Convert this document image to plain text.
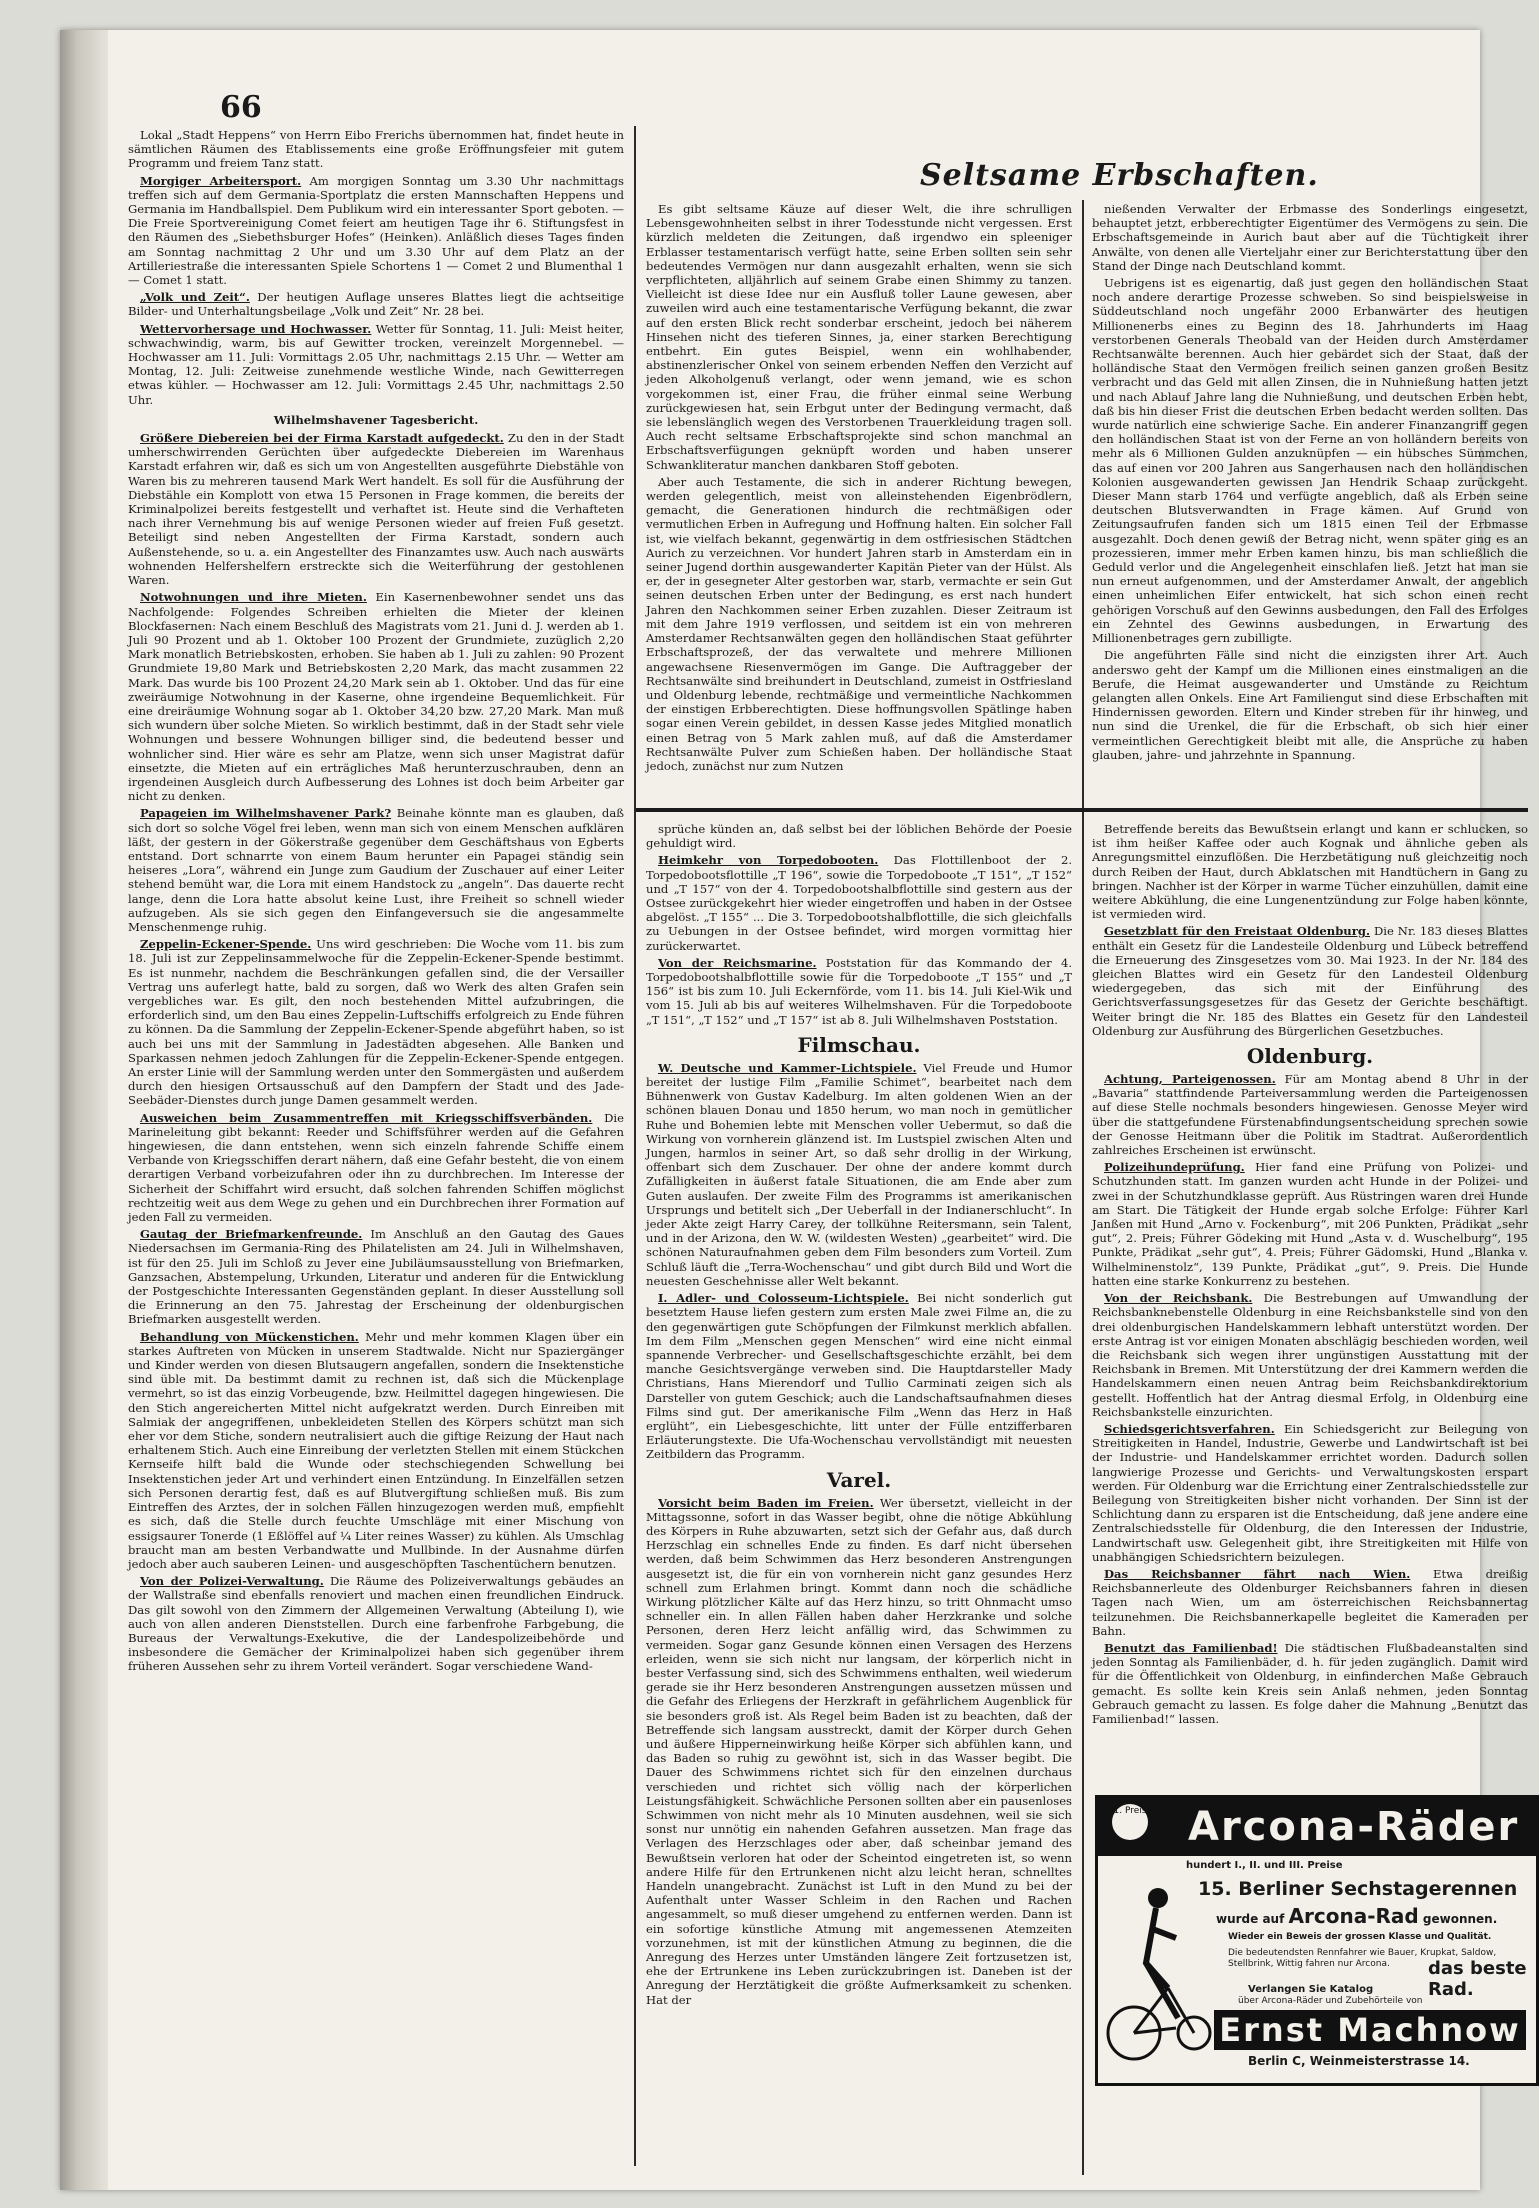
66

Lokal „Stadt Heppens“ von Herrn Eibo Frerichs übernommen hat, findet heute in sämtlichen Räumen des Etablissements eine große Eröffnungsfeier mit gutem Programm und freiem Tanz statt.

Morgiger Arbeitersport. Am morgigen Sonntag um 3.30 Uhr nachmittags treffen sich auf dem Germania-Sportplatz die ersten Mannschaften Heppens und Germania im Handballspiel. Dem Publikum wird ein interessanter Sport geboten. — Die Freie Sportvereinigung Comet feiert am heutigen Tage ihr 6. Stiftungsfest in den Räumen des „Siebethsburger Hofes“ (Heinken). Anläßlich dieses Tages finden am Sonntag nachmittag 2 Uhr und um 3.30 Uhr auf dem Platz an der Artilleriestraße die interessanten Spiele Schortens 1 — Comet 2 und Blumenthal 1 — Comet 1 statt.

„Volk und Zeit“. Der heutigen Auflage unseres Blattes liegt die achtseitige Bilder- und Unterhaltungsbeilage „Volk und Zeit“ Nr. 28 bei.

Wettervorhersage und Hochwasser. Wetter für Sonntag, 11. Juli: Meist heiter, schwachwindig, warm, bis auf Gewitter trocken, vereinzelt Morgennebel. — Hochwasser am 11. Juli: Vormittags 2.05 Uhr, nachmittags 2.15 Uhr. — Wetter am Montag, 12. Juli: Zeitweise zunehmende westliche Winde, nach Gewitterregen etwas kühler. — Hochwasser am 12. Juli: Vormittags 2.45 Uhr, nachmittags 2.50 Uhr.

Wilhelmshavener Tagesbericht.

Größere Diebereien bei der Firma Karstadt aufgedeckt. Zu den in der Stadt umherschwirrenden Gerüchten über aufgedeckte Diebereien im Warenhaus Karstadt erfahren wir, daß es sich um von Angestellten ausgeführte Diebstähle von Waren bis zu mehreren tausend Mark Wert handelt. Es soll für die Ausführung der Diebstähle ein Komplott von etwa 15 Personen in Frage kommen, die bereits der Kriminalpolizei bereits festgestellt und verhaftet ist. Heute sind die Verhafteten nach ihrer Vernehmung bis auf wenige Personen wieder auf freien Fuß gesetzt. Beteiligt sind neben Angestellten der Firma Karstadt, sondern auch Außenstehende, so u. a. ein Angestellter des Finanzamtes usw. Auch nach auswärts wohnenden Helfershelfern erstreckte sich die Weiterführung der gestohlenen Waren.

Notwohnungen und ihre Mieten. Ein Kasernenbewohner sendet uns das Nachfolgende: Folgendes Schreiben erhielten die Mieter der kleinen Blockfasernen: Nach einem Beschluß des Magistrats vom 21. Juni d. J. werden ab 1. Juli 90 Prozent und ab 1. Oktober 100 Prozent der Grundmiete, zuzüglich 2,20 Mark monatlich Betriebskosten, erhoben. Sie haben ab 1. Juli zu zahlen: 90 Prozent Grundmiete 19,80 Mark und Betriebskosten 2,20 Mark, das macht zusammen 22 Mark. Das wurde bis 100 Prozent 24,20 Mark sein ab 1. Oktober. Und das für eine zweiräumige Notwohnung in der Kaserne, ohne irgendeine Bequemlichkeit. Für eine dreiräumige Wohnung sogar ab 1. Oktober 34,20 bzw. 27,20 Mark. Man muß sich wundern über solche Mieten. So wirklich bestimmt, daß in der Stadt sehr viele Wohnungen und bessere Wohnungen billiger sind, die bedeutend besser und wohnlicher sind. Hier wäre es sehr am Platze, wenn sich unser Magistrat dafür einsetzte, die Mieten auf ein erträgliches Maß herunterzuschrauben, denn an irgendeinen Ausgleich durch Aufbesserung des Lohnes ist doch beim Arbeiter gar nicht zu denken.

Papageien im Wilhelmshavener Park? Beinahe könnte man es glauben, daß sich dort so solche Vögel frei leben, wenn man sich von einem Menschen aufklären läßt, der gestern in der Gökerstraße gegenüber dem Geschäftshaus von Egberts entstand. Dort schnarrte von einem Baum herunter ein Papagei ständig sein heiseres „Lora“, während ein Junge zum Gaudium der Zuschauer auf einer Leiter stehend bemüht war, die Lora mit einem Handstock zu „angeln“. Das dauerte recht lange, denn die Lora hatte absolut keine Lust, ihre Freiheit so schnell wieder aufzugeben. Als sie sich gegen den Einfangeversuch sie die angesammelte Menschenmenge ruhig.

Zeppelin-Eckener-Spende. Uns wird geschrieben: Die Woche vom 11. bis zum 18. Juli ist zur Zeppelinsammelwoche für die Zeppelin-Eckener-Spende bestimmt. Es ist nunmehr, nachdem die Beschränkungen gefallen sind, die der Versailler Vertrag uns auferlegt hatte, bald zu sorgen, daß wo Werk des alten Grafen sein vergebliches war. Es gilt, den noch bestehenden Mittel aufzubringen, die erforderlich sind, um den Bau eines Zeppelin-Luftschiffs erfolgreich zu Ende führen zu können. Da die Sammlung der Zeppelin-Eckener-Spende abgeführt haben, so ist auch bei uns mit der Sammlung in Jadestädten abgesehen. Alle Banken und Sparkassen nehmen jedoch Zahlungen für die Zeppelin-Eckener-Spende entgegen. An erster Linie will der Sammlung werden unter den Sommergästen und außerdem durch den hiesigen Ortsausschuß auf den Dampfern der Stadt und des Jade-Seebäder-Dienstes durch junge Damen gesammelt werden.

Ausweichen beim Zusammentreffen mit Kriegsschiffsverbänden. Die Marineleitung gibt bekannt: Reeder und Schiffsführer werden auf die Gefahren hingewiesen, die dann entstehen, wenn sich einzeln fahrende Schiffe einem Verbande von Kriegsschiffen derart nähern, daß eine Gefahr besteht, die von einem derartigen Verband vorbeizufahren oder ihn zu durchbrechen. Im Interesse der Sicherheit der Schiffahrt wird ersucht, daß solchen fahrenden Schiffen möglichst rechtzeitig weit aus dem Wege zu gehen und ein Durchbrechen ihrer Formation auf jeden Fall zu vermeiden.

Gautag der Briefmarkenfreunde. Im Anschluß an den Gautag des Gaues Niedersachsen im Germania-Ring des Philatelisten am 24. Juli in Wilhelmshaven, ist für den 25. Juli im Schloß zu Jever eine Jubiläumsausstellung von Briefmarken, Ganzsachen, Abstempelung, Urkunden, Literatur und anderen für die Entwicklung der Postgeschichte Interessanten Gegenständen geplant. In dieser Ausstellung soll die Erinnerung an den 75. Jahrestag der Erscheinung der oldenburgischen Briefmarken ausgestellt werden.

Behandlung von Mückenstichen. Mehr und mehr kommen Klagen über ein starkes Auftreten von Mücken in unserem Stadtwalde. Nicht nur Spaziergänger und Kinder werden von diesen Blutsaugern angefallen, sondern die Insektenstiche sind üble mit. Da bestimmt damit zu rechnen ist, daß sich die Mückenplage vermehrt, so ist das einzig Vorbeugende, bzw. Heilmittel dagegen hingewiesen. Die den Stich angereicherten Mittel nicht aufgekratzt werden. Durch Einreiben mit Salmiak der angegriffenen, unbekleideten Stellen des Körpers schützt man sich eher vor dem Stiche, sondern neutralisiert auch die giftige Reizung der Haut nach erhaltenem Stich. Auch eine Einreibung der verletzten Stellen mit einem Stückchen Kernseife hilft bald die Wunde oder stechschiegenden Schwellung bei Insektenstichen jeder Art und verhindert einen Entzündung. In Einzelfällen setzen sich Personen derartig fest, daß es auf Blutvergiftung schließen muß. Bis zum Eintreffen des Arztes, der in solchen Fällen hinzugezogen werden muß, empfiehlt es sich, daß die Stelle durch feuchte Umschläge mit einer Mischung von essigsaurer Tonerde (1 Eßlöffel auf ¼ Liter reines Wasser) zu kühlen. Als Umschlag braucht man am besten Verbandwatte und Mullbinde. In der Ausnahme dürfen jedoch aber auch sauberen Leinen- und ausgeschöpften Taschentüchern benutzen.

Von der Polizei-Verwaltung. Die Räume des Polizeiverwaltungs gebäudes an der Wallstraße sind ebenfalls renoviert und machen einen freundlichen Eindruck. Das gilt sowohl von den Zimmern der Allgemeinen Verwaltung (Abteilung I), wie auch von allen anderen Dienststellen. Durch eine farbenfrohe Farbgebung, die Bureaus der Verwaltungs-Exekutive, die der Landespolizeibehörde und insbesondere die Gemächer der Kriminalpolizei haben sich gegenüber ihrem früheren Aussehen sehr zu ihrem Vorteil verändert. Sogar verschiedene Wand-

Seltsame Erbschaften.

Es gibt seltsame Käuze auf dieser Welt, die ihre schrulligen Lebensgewohnheiten selbst in ihrer Todesstunde nicht vergessen. Erst kürzlich meldeten die Zeitungen, daß irgendwo ein spleeniger Erblasser testamentarisch verfügt hatte, seine Erben sollten sein sehr bedeutendes Vermögen nur dann ausgezahlt erhalten, wenn sie sich verpflichteten, alljährlich auf seinem Grabe einen Shimmy zu tanzen. Vielleicht ist diese Idee nur ein Ausfluß toller Laune gewesen, aber zuweilen wird auch eine testamentarische Verfügung bekannt, die zwar auf den ersten Blick recht sonderbar erscheint, jedoch bei näherem Hinsehen nicht des tieferen Sinnes, ja, einer starken Berechtigung entbehrt. Ein gutes Beispiel, wenn ein wohlhabender, abstinenzlerischer Onkel von seinem erbenden Neffen den Verzicht auf jeden Alkoholgenuß verlangt, oder wenn jemand, wie es schon vorgekommen ist, einer Frau, die früher einmal seine Werbung zurückgewiesen hat, sein Erbgut unter der Bedingung vermacht, daß sie lebenslänglich wegen des Verstorbenen Trauerkleidung tragen soll. Auch recht seltsame Erbschaftsprojekte sind schon manchmal an Erbschaftsverfügungen geknüpft worden und haben unserer Schwankliteratur manchen dankbaren Stoff geboten.

Aber auch Testamente, die sich in anderer Richtung bewegen, werden gelegentlich, meist von alleinstehenden Eigenbrödlern, gemacht, die Generationen hindurch die rechtmäßigen oder vermutlichen Erben in Aufregung und Hoffnung halten. Ein solcher Fall ist, wie vielfach bekannt, gegenwärtig in dem ostfriesischen Städtchen Aurich zu verzeichnen. Vor hundert Jahren starb in Amsterdam ein in seiner Jugend dorthin ausgewanderter Kapitän Pieter van der Hülst. Als er, der in gesegneter Alter gestorben war, starb, vermachte er sein Gut seinen deutschen Erben unter der Bedingung, es erst nach hundert Jahren den Nachkommen seiner Erben zuzahlen. Dieser Zeitraum ist mit dem Jahre 1919 verflossen, und seitdem ist ein von mehreren Amsterdamer Rechtsanwälten gegen den holländischen Staat geführter Erbschaftsprozeß, der das verwaltete und mehrere Millionen angewachsene Riesenvermögen im Gange. Die Auftraggeber der Rechtsanwälte sind breihundert in Deutschland, zumeist in Ostfriesland und Oldenburg lebende, rechtmäßige und vermeintliche Nachkommen der einstigen Erbberechtigten. Diese hoffnungsvollen Spätlinge haben sogar einen Verein gebildet, in dessen Kasse jedes Mitglied monatlich einen Betrag von 5 Mark zahlen muß, auf daß die Amsterdamer Rechtsanwälte Pulver zum Schießen haben. Der holländische Staat jedoch, zunächst nur zum Nutzen

nießenden Verwalter der Erbmasse des Sonderlings eingesetzt, behauptet jetzt, erbberechtigter Eigentümer des Vermögens zu sein. Die Erbschaftsgemeinde in Aurich baut aber auf die Tüchtigkeit ihrer Anwälte, von denen alle Vierteljahr einer zur Berichterstattung über den Stand der Dinge nach Deutschland kommt.

Uebrigens ist es eigenartig, daß just gegen den holländischen Staat noch andere derartige Prozesse schweben. So sind beispielsweise in Süddeutschland noch ungefähr 2000 Erbanwärter des heutigen Millionenerbs eines zu Beginn des 18. Jahrhunderts im Haag verstorbenen Generals Theobald van der Heiden durch Amsterdamer Rechtsanwälte berennen. Auch hier gebärdet sich der Staat, daß der holländische Staat den Vermögen freilich seinen ganzen großen Besitz verbracht und das Geld mit allen Zinsen, die in Nuhnießung hatten jetzt und nach Ablauf Jahre lang die Nuhnießung, und deutschen Erben hebt, daß bis hin dieser Frist die deutschen Erben bedacht werden sollten. Das wurde natürlich eine schwierige Sache. Ein anderer Finanzangriff gegen den holländischen Staat ist von der Ferne an von holländern bereits von mehr als 6 Millionen Gulden anzuknüpfen — ein hübsches Sümmchen, das auf einen vor 200 Jahren aus Sangerhausen nach den holländischen Kolonien ausgewanderten gewissen Jan Hendrik Schaap zurückgeht. Dieser Mann starb 1764 und verfügte angeblich, daß als Erben seine deutschen Blutsverwandten in Frage kämen. Auf Grund von Zeitungsaufrufen fanden sich um 1815 einen Teil der Erbmasse ausgezahlt. Doch denen gewiß der Betrag nicht, wenn später ging es an prozessieren, immer mehr Erben kamen hinzu, bis man schließlich die Geduld verlor und die Angelegenheit einschlafen ließ. Jetzt hat man sie nun erneut aufgenommen, und der Amsterdamer Anwalt, der angeblich einen unheimlichen Eifer entwickelt, hat sich schon einen recht gehörigen Vorschuß auf den Gewinns ausbedungen, den Fall des Erfolges ein Zehntel des Gewinns ausbedungen, in Erwartung des Millionenbetrages gern zubilligte.

Die angeführten Fälle sind nicht die einzigsten ihrer Art. Auch anderswo geht der Kampf um die Millionen eines einstmaligen an die Berufe, die Heimat ausgewanderter und Umstände zu Reichtum gelangten allen Onkels. Eine Art Familiengut sind diese Erbschaften mit Hindernissen geworden. Eltern und Kinder streben für ihr hinweg, und nun sind die Urenkel, die für die Erbschaft, ob sich hier einer vermeintlichen Gerechtigkeit bleibt mit alle, die Ansprüche zu haben glauben, jahre- und jahrzehnte in Spannung.

sprüche künden an, daß selbst bei der löblichen Behörde der Poesie gehuldigt wird.

Heimkehr von Torpedobooten. Das Flottillenboot der 2. Torpedobootsflottille „T 196“, sowie die Torpedoboote „T 151“, „T 152“ und „T 157“ von der 4. Torpedobootshalbflottille sind gestern aus der Ostsee zurückgekehrt hier wieder eingetroffen und haben in der Ostsee abgelöst. „T 155“ ... Die 3. Torpedobootshalbflottille, die sich gleichfalls zu Uebungen in der Ostsee befindet, wird morgen vormittag hier zurückerwartet.

Von der Reichsmarine. Poststation für das Kommando der 4. Torpedobootshalbflottille sowie für die Torpedoboote „T 155“ und „T 156“ ist bis zum 10. Juli Eckernförde, vom 11. bis 14. Juli Kiel-Wik und vom 15. Juli ab bis auf weiteres Wilhelmshaven. Für die Torpedoboote „T 151“, „T 152“ und „T 157“ ist ab 8. Juli Wilhelmshaven Poststation.

Filmschau.

W. Deutsche und Kammer-Lichtspiele. Viel Freude und Humor bereitet der lustige Film „Familie Schimet“, bearbeitet nach dem Bühnenwerk von Gustav Kadelburg. Im alten goldenen Wien an der schönen blauen Donau und 1850 herum, wo man noch in gemütlicher Ruhe und Bohemien lebte mit Menschen voller Uebermut, so daß die Wirkung von vornherein glänzend ist. Im Lustspiel zwischen Alten und Jungen, harmlos in seiner Art, so daß sehr drollig in der Wirkung, offenbart sich dem Zuschauer. Der ohne der andere kommt durch Zufälligkeiten in äußerst fatale Situationen, die am Ende aber zum Guten auslaufen. Der zweite Film des Programms ist amerikanischen Ursprungs und betitelt sich „Der Ueberfall in der Indianerschlucht“. In jeder Akte zeigt Harry Carey, der tollkühne Reitersmann, sein Talent, und in der Arizona, den W. W. (wildesten Westen) „gearbeitet“ wird. Die schönen Naturaufnahmen geben dem Film besonders zum Vorteil. Zum Schluß läuft die „Terra-Wochenschau“ und gibt durch Bild und Wort die neuesten Geschehnisse aller Welt bekannt.

I. Adler- und Colosseum-Lichtspiele. Bei nicht sonderlich gut besetztem Hause liefen gestern zum ersten Male zwei Filme an, die zu den gegenwärtigen gute Schöpfungen der Filmkunst merklich abfallen. Im dem Film „Menschen gegen Menschen“ wird eine nicht einmal spannende Verbrecher- und Gesellschaftsgeschichte erzählt, bei dem manche Gesichtsvergänge verweben sind. Die Hauptdarsteller Mady Christians, Hans Mierendorf und Tullio Carminati zeigen sich als Darsteller von gutem Geschick; auch die Landschaftsaufnahmen dieses Films sind gut. Der amerikanische Film „Wenn das Herz in Haß erglüht“, ein Liebesgeschichte, litt unter der Fülle entzifferbaren Erläuterungstexte. Die Ufa-Wochenschau vervollständigt mit neuesten Zeitbildern das Programm.

Varel.

Vorsicht beim Baden im Freien. Wer übersetzt, vielleicht in der Mittagssonne, sofort in das Wasser begibt, ohne die nötige Abkühlung des Körpers in Ruhe abzuwarten, setzt sich der Gefahr aus, daß durch Herzschlag ein schnelles Ende zu finden. Es darf nicht übersehen werden, daß beim Schwimmen das Herz besonderen Anstrengungen ausgesetzt ist, die für ein von vornherein nicht ganz gesundes Herz schnell zum Erlahmen bringt. Kommt dann noch die schädliche Wirkung plötzlicher Kälte auf das Herz hinzu, so tritt Ohnmacht umso schneller ein. In allen Fällen haben daher Herzkranke und solche Personen, deren Herz leicht anfällig wird, das Schwimmen zu vermeiden. Sogar ganz Gesunde können einen Versagen des Herzens erleiden, wenn sie sich nicht nur langsam, der körperlich nicht in bester Verfassung sind, sich des Schwimmens enthalten, weil wiederum gerade sie ihr Herz besonderen Anstrengungen aussetzen müssen und die Gefahr des Erliegens der Herzkraft in gefährlichem Augenblick für sie besonders groß ist. Als Regel beim Baden ist zu beachten, daß der Betreffende sich langsam ausstreckt, damit der Körper durch Gehen und äußere Hipperneinwirkung heiße Körper sich abfühlen kann, und das Baden so ruhig zu gewöhnt ist, sich in das Wasser begibt. Die Dauer des Schwimmens richtet sich für den einzelnen durchaus verschieden und richtet sich völlig nach der körperlichen Leistungsfähigkeit. Schwächliche Personen sollten aber ein pausenloses Schwimmen von nicht mehr als 10 Minuten ausdehnen, weil sie sich sonst nur unnötig ein nahenden Gefahren aussetzen. Man frage das Verlagen des Herzschlages oder aber, daß scheinbar jemand des Bewußtsein verloren hat oder der Scheintod eingetreten ist, so wenn andere Hilfe für den Ertrunkenen nicht alzu leicht heran, schnelltes Handeln unangebracht. Zunächst ist Luft in den Mund zu bei der Aufenthalt unter Wasser Schleim in den Rachen und Rachen angesammelt, so muß dieser umgehend zu entfernen werden. Dann ist ein sofortige künstliche Atmung mit angemessenen Atemzeiten vorzunehmen, ist mit der künstlichen Atmung zu beginnen, die die Anregung des Herzes unter Umständen längere Zeit fortzusetzen ist, ehe der Ertrunkene ins Leben zurückzubringen ist. Daneben ist der Anregung der Herztätigkeit die größte Aufmerksamkeit zu schenken. Hat der

Betreffende bereits das Bewußtsein erlangt und kann er schlucken, so ist ihm heißer Kaffee oder auch Kognak und ähnliche geben als Anregungsmittel einzuflößen. Die Herzbetätigung nuß gleichzeitig noch durch Reiben der Haut, durch Abklatschen mit Handtüchern in Gang zu bringen. Nachher ist der Körper in warme Tücher einzuhüllen, damit eine weitere Abkühlung, die eine Lungenentzündung zur Folge haben könnte, ist vermieden wird.

Gesetzblatt für den Freistaat Oldenburg. Die Nr. 183 dieses Blattes enthält ein Gesetz für die Landesteile Oldenburg und Lübeck betreffend die Erneuerung des Zinsgesetzes vom 30. Mai 1923. In der Nr. 184 des gleichen Blattes wird ein Gesetz für den Landesteil Oldenburg wiedergegeben, das sich mit der Einführung des Gerichtsverfassungsgesetzes für das Gesetz der Gerichte beschäftigt. Weiter bringt die Nr. 185 des Blattes ein Gesetz für den Landesteil Oldenburg zur Ausführung des Bürgerlichen Gesetzbuches.

Oldenburg.

Achtung, Parteigenossen. Für am Montag abend 8 Uhr in der „Bavaria“ stattfindende Parteiversammlung werden die Parteigenossen auf diese Stelle nochmals besonders hingewiesen. Genosse Meyer wird über die stattgefundene Fürstenabfindungsentscheidung sprechen sowie der Genosse Heitmann über die Politik im Stadtrat. Außerordentlich zahlreiches Erscheinen ist erwünscht.

Polizeihundeprüfung. Hier fand eine Prüfung von Polizei- und Schutzhunden statt. Im ganzen wurden acht Hunde in der Polizei- und zwei in der Schutzhundklasse geprüft. Aus Rüstringen waren drei Hunde am Start. Die Tätigkeit der Hunde ergab solche Erfolge: Führer Karl Janßen mit Hund „Arno v. Fockenburg“, mit 206 Punkten, Prädikat „sehr gut“, 2. Preis; Führer Gödeking mit Hund „Asta v. d. Wuschelburg“, 195 Punkte, Prädikat „sehr gut“, 4. Preis; Führer Gädomski, Hund „Blanka v. Wilhelminenstolz“, 139 Punkte, Prädikat „gut“, 9. Preis. Die Hunde hatten eine starke Konkurrenz zu bestehen.

Von der Reichsbank. Die Bestrebungen auf Umwandlung der Reichsbanknebenstelle Oldenburg in eine Reichsbankstelle sind von den drei oldenburgischen Handelskammern lebhaft unterstützt worden. Der erste Antrag ist vor einigen Monaten abschlägig beschieden worden, weil die Reichsbank sich wegen ihrer ungünstigen Ausstattung mit der Reichsbank in Bremen. Mit Unterstützung der drei Kammern werden die Handelskammern einen neuen Antrag beim Reichsbankdirektorium gestellt. Hoffentlich hat der Antrag diesmal Erfolg, in Oldenburg eine Reichsbankstelle einzurichten.

Schiedsgerichtsverfahren. Ein Schiedsgericht zur Beilegung von Streitigkeiten in Handel, Industrie, Gewerbe und Landwirtschaft ist bei der Industrie- und Handelskammer errichtet worden. Dadurch sollen langwierige Prozesse und Gerichts- und Verwaltungskosten erspart werden. Für Oldenburg war die Errichtung einer Zentralschiedsstelle zur Beilegung von Streitigkeiten bisher nicht vorhanden. Der Sinn ist der Schlichtung dann zu ersparen ist die Entscheidung, daß jene andere eine Zentralschiedsstelle für Oldenburg, die den Interessen der Industrie, Landwirtschaft usw. Gelegenheit gibt, ihre Streitigkeiten mit Hilfe von unabhängigen Schiedsrichtern beizulegen.

Das Reichsbanner fährt nach Wien. Etwa dreißig Reichsbannerleute des Oldenburger Reichsbanners fahren in diesen Tagen nach Wien, um am österreichischen Reichsbannertag teilzunehmen. Die Reichsbannerkapelle begleitet die Kameraden per Bahn.

Benutzt das Familienbad! Die städtischen Flußbadeanstalten sind jeden Sonntag als Familienbäder, d. h. für jeden zugänglich. Damit wird für die Öffentlichkeit von Oldenburg, in einfinderchen Maße Gebrauch gemacht. Es sollte kein Kreis sein Anlaß nehmen, jeden Sonntag Gebrauch gemacht zu lassen. Es folge daher die Mahnung „Benutzt das Familienbad!“ lassen.

1. Preis Arcona-Räder
hundert I., II. und III. Preise
15. Berliner Sechstagerennen
wurde auf Arcona-Rad gewonnen.
Wieder ein Beweis der grossen Klasse und Qualität.
Die bedeutendsten Rennfahrer wie Bauer, Krupkat, Saldow, Stellbrink, Wittig fahren nur Arcona.	das beste Rad.
Verlangen Sie Katalog
über Arcona-Räder und Zubehörteile von
Ernst Machnow
Berlin C, Weinmeisterstrasse 14.
